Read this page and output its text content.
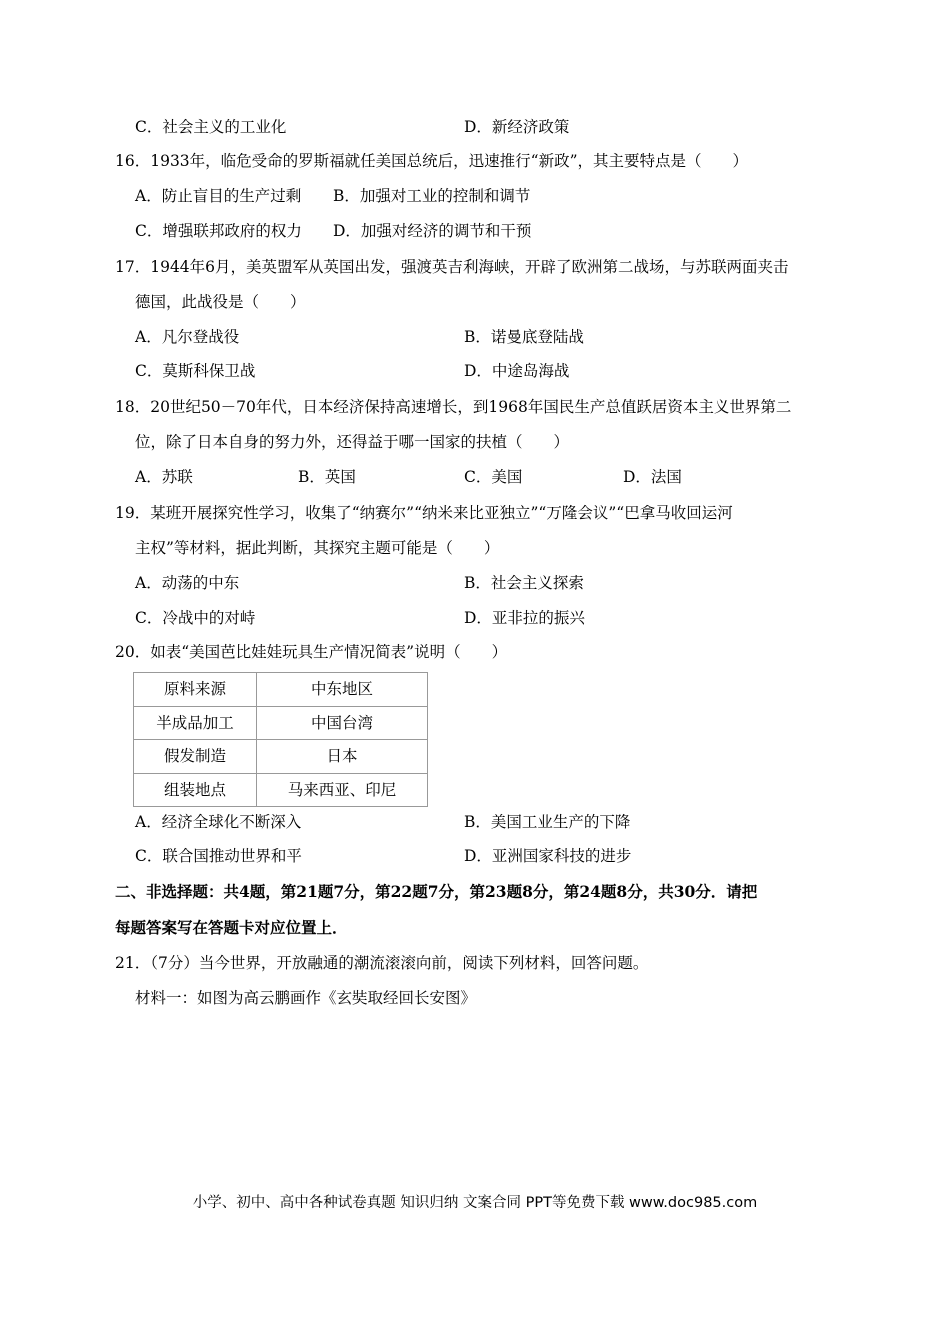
C．社会主义的工业化	D．新经济政策
16．1933年，临危受命的罗斯福就任美国总统后，迅速推行“新政”，其主要特点是（　　）
A．防止盲目的生产过剩 B．加强对工业的控制和调节
C．增强联邦政府的权力 D．加强对经济的调节和干预
17．1944年6月，美英盟军从英国出发，强渡英吉利海峡，开辟了欧洲第二战场，与苏联两面夹击
德国，此战役是（　　）
A．凡尔登战役	B．诺曼底登陆战
C．莫斯科保卫战	D．中途岛海战
18．20世纪50－70年代，日本经济保持高速增长，到1968年国民生产总值跃居资本主义世界第二
位，除了日本自身的努力外，还得益于哪一国家的扶植（　　）
A．苏联	B．英国	C．美国	D．法国
19．某班开展探究性学习，收集了“纳赛尔”“纳米来比亚独立”“万隆会议”“巴拿马收回运河
主权”等材料，据此判断，其探究主题可能是（　　）
A．动荡的中东	B．社会主义探索
C．冷战中的对峙	D．亚非拉的振兴
20．如表“美国芭比娃娃玩具生产情况简表”说明（　　）
原料来源	中东地区
半成品加工	中国台湾
假发制造	日本
组装地点	马来西亚、印尼
A．经济全球化不断深入	B．美国工业生产的下降
C．联合国推动世界和平	D．亚洲国家科技的进步
二、非选择题：共4题，第21题7分，第22题7分，第23题8分，第24题8分，共30分．请把
每题答案写在答题卡对应位置上．
21．（7分）当今世界，开放融通的潮流滚滚向前，阅读下列材料，回答问题。
材料一：如图为高云鹏画作《玄奘取经回长安图》
小学、初中、高中各种试卷真题 知识归纳 文案合同 PPT等免费下载 www.doc985.com
